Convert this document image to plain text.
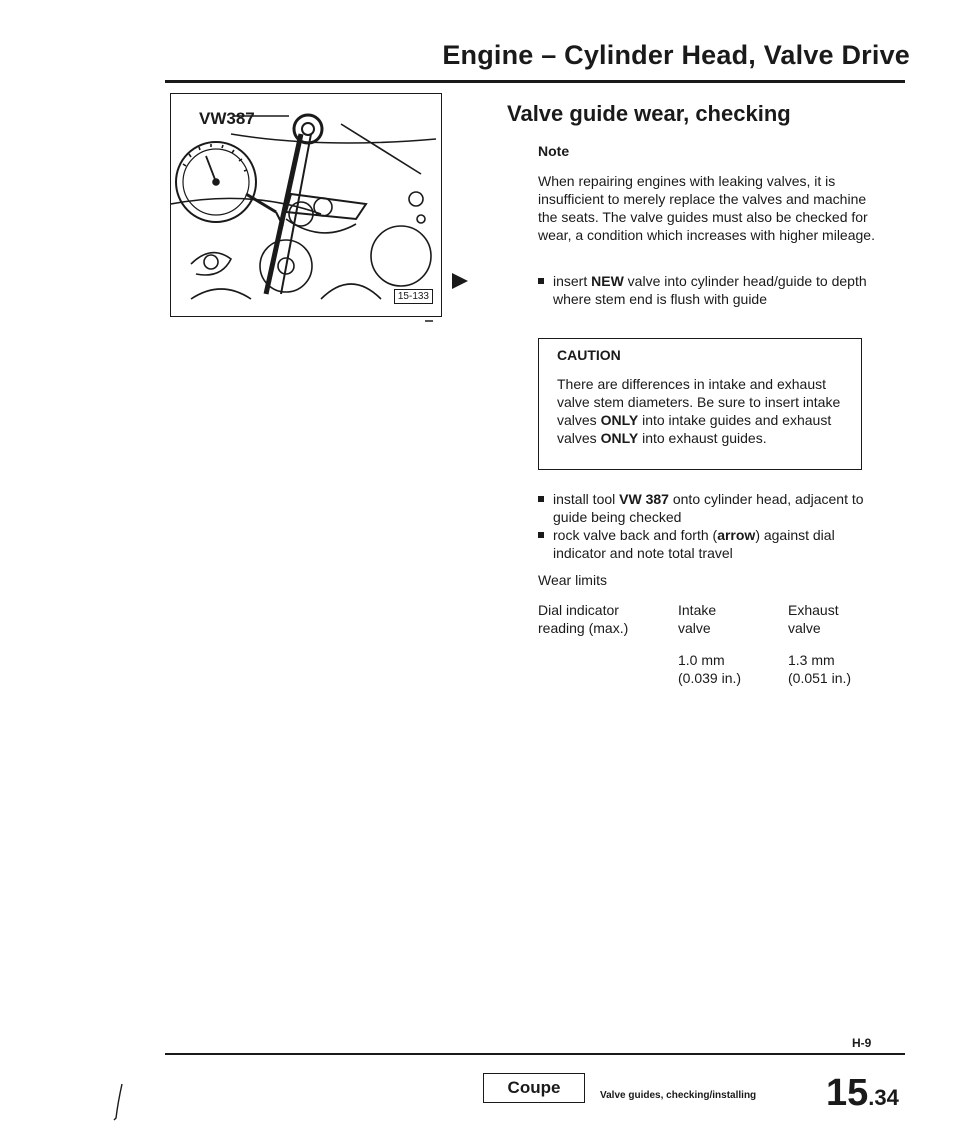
Engine – Cylinder Head, Valve Drive
VW387
15-133
Valve guide wear, checking
Note
When repairing engines with leaking valves, it is insufficient to merely replace the valves and machine the seats. The valve guides must also be checked for wear, a condition which increases with higher mileage.
insert NEW valve into cylinder head/guide to depth where stem end is flush with guide
CAUTION
There are differences in intake and exhaust valve stem diameters. Be sure to insert intake valves ONLY into intake guides and exhaust valves ONLY into exhaust guides.
install tool VW 387 onto cylinder head, adjacent to guide being checked
rock valve back and forth (arrow) against dial indicator and note total travel
Wear limits
Dial indicator
reading (max.)
Intake
valve
Exhaust
valve
1.0 mm
(0.039 in.)
1.3 mm
(0.051 in.)
H-9
Coupe	Valve guides, checking/installing 15.34
